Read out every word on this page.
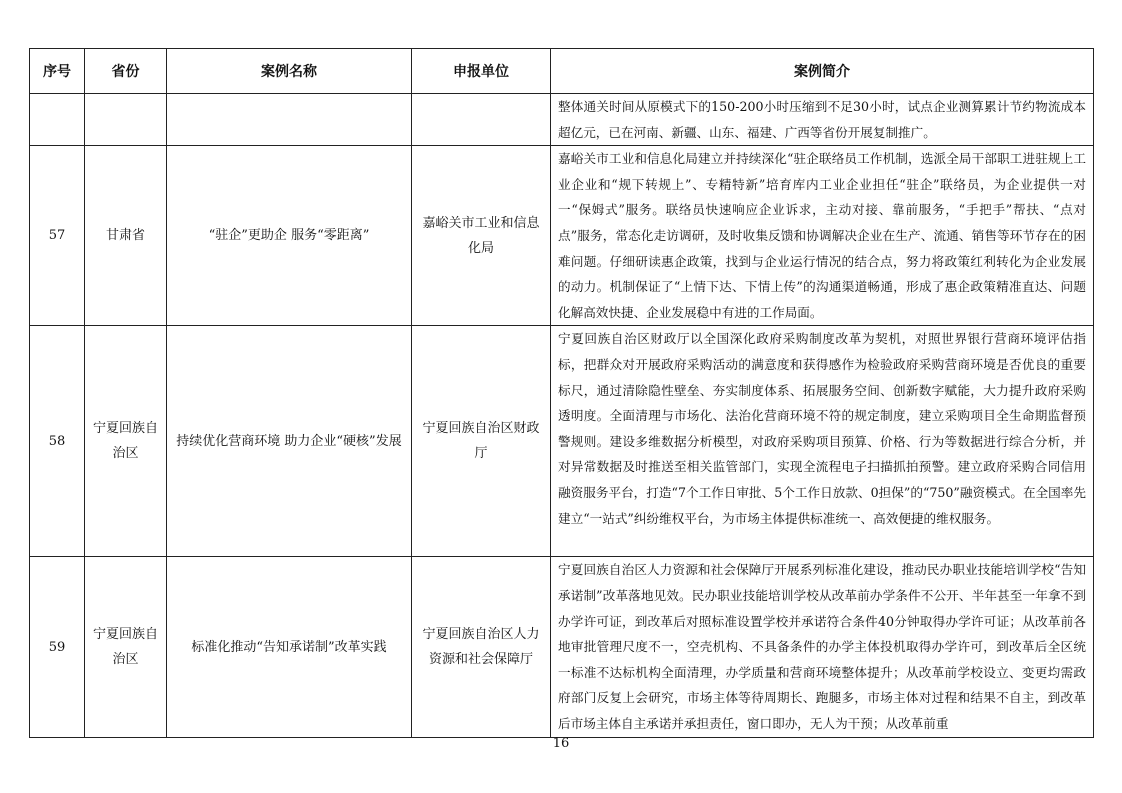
序号	省份	案例名称	申报单位	案例简介
				整体通关时间从原模式下的150-200小时压缩到不足30小时，试点企业测算累计节约物流成本超亿元，已在河南、新疆、山东、福建、广西等省份开展复制推广。
57	甘肃省	“驻企”更助企 服务“零距离”	嘉峪关市工业和信息化局	嘉峪关市工业和信息化局建立并持续深化“驻企联络员工作机制，选派全局干部职工进驻规上工业企业和“规下转规上”、专精特新”培育库内工业企业担任“驻企”联络员，为企业提供一对一“保姆式”服务。联络员快速响应企业诉求，主动对接、靠前服务，“手把手”帮扶、“点对点”服务，常态化走访调研，及时收集反馈和协调解决企业在生产、流通、销售等环节存在的困难问题。仔细研读惠企政策，找到与企业运行情况的结合点，努力将政策红利转化为企业发展的动力。机制保证了“上情下达、下情上传”的沟通渠道畅通，形成了惠企政策精准直达、问题化解高效快捷、企业发展稳中有进的工作局面。
58	宁夏回族自治区	持续优化营商环境 助力企业“硬核”发展	宁夏回族自治区财政厅	宁夏回族自治区财政厅以全国深化政府采购制度改革为契机，对照世界银行营商环境评估指标，把群众对开展政府采购活动的满意度和获得感作为检验政府采购营商环境是否优良的重要标尺，通过清除隐性壁垒、夯实制度体系、拓展服务空间、创新数字赋能，大力提升政府采购透明度。全面清理与市场化、法治化营商环境不符的规定制度，建立采购项目全生命期监督预警规则。建设多维数据分析模型，对政府采购项目预算、价格、行为等数据进行综合分析，并对异常数据及时推送至相关监管部门，实现全流程电子扫描抓拍预警。建立政府采购合同信用融资服务平台，打造“7个工作日审批、5个工作日放款、0担保”的“750”融资模式。在全国率先建立“一站式”纠纷维权平台，为市场主体提供标准统一、高效便捷的维权服务。
59	宁夏回族自治区	标准化推动“告知承诺制”改革实践	宁夏回族自治区人力资源和社会保障厅	宁夏回族自治区人力资源和社会保障厅开展系列标准化建设，推动民办职业技能培训学校“告知承诺制”改革落地见效。民办职业技能培训学校从改革前办学条件不公开、半年甚至一年拿不到办学许可证，到改革后对照标准设置学校并承诺符合条件40分钟取得办学许可证；从改革前各地审批管理尺度不一，空壳机构、不具备条件的办学主体投机取得办学许可，到改革后全区统一标准不达标机构全面清理，办学质量和营商环境整体提升；从改革前学校设立、变更均需政府部门反复上会研究，市场主体等待周期长、跑腿多，市场主体对过程和结果不自主，到改革后市场主体自主承诺并承担责任，窗口即办，无人为干预；从改革前重
16
